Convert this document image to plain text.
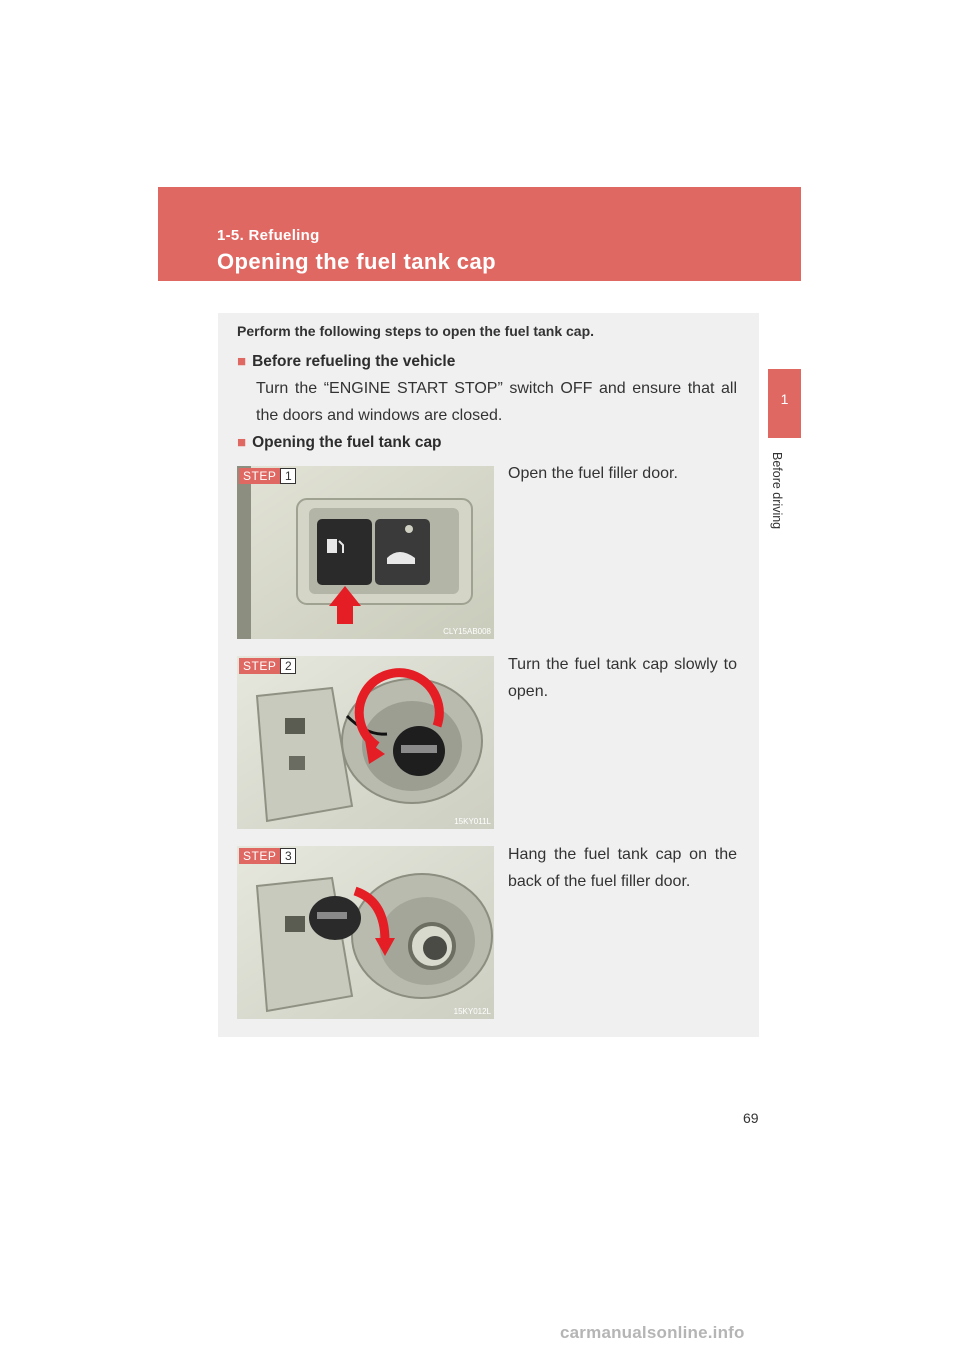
1-5. Refueling
Opening the fuel tank cap
1
Before driving
Perform the following steps to open the fuel tank cap.
■ Before refueling the vehicle
Turn the “ENGINE START STOP” switch OFF and ensure that all the doors and windows are closed.
■ Opening the fuel tank cap
STEP 1
CLY15AB008
Open the fuel filler door.
STEP 2
15KY011L
Turn the fuel tank cap slowly to open.
STEP 3
15KY012L
Hang the fuel tank cap on the back of the fuel filler door.
69
carmanualsonline.info
